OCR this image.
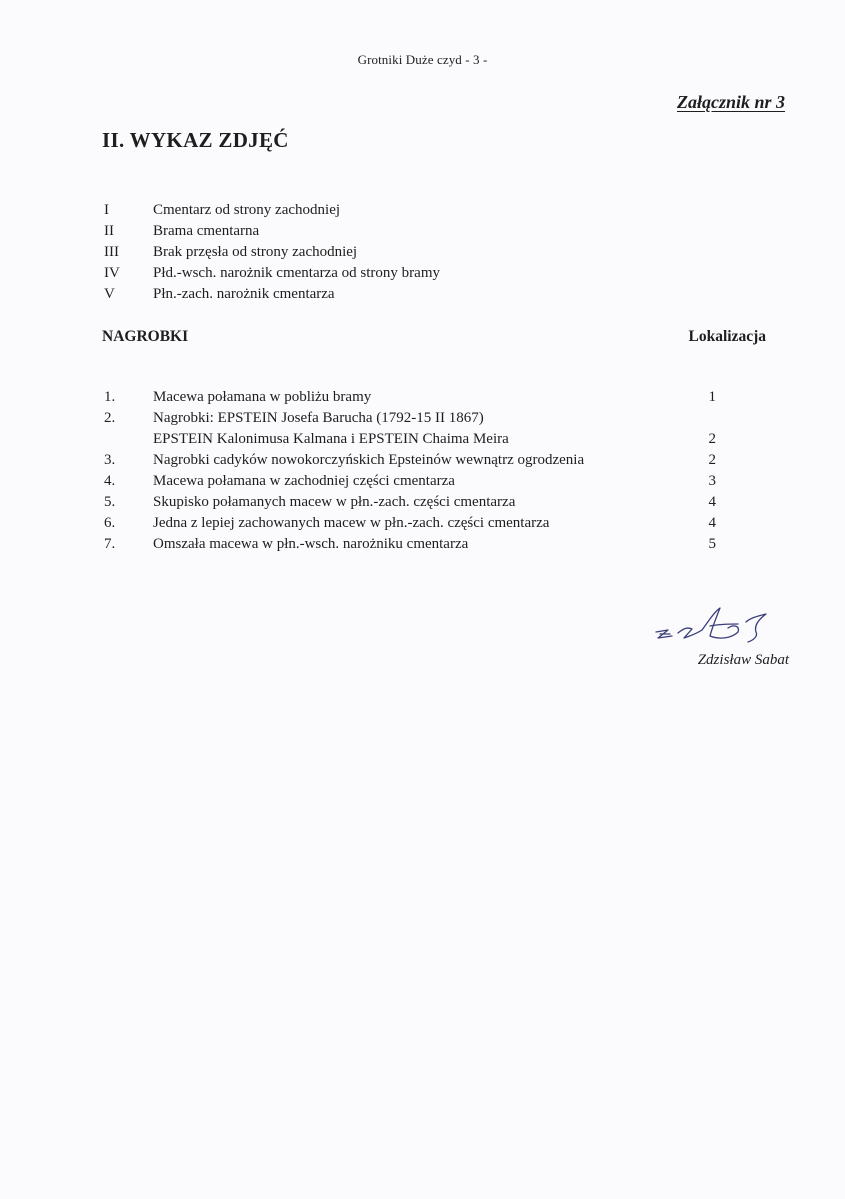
Grotniki Duże czyd - 3 -
Załącznik nr 3
II. WYKAZ ZDJĘĆ
I	Cmentarz od strony zachodniej
II	Brama cmentarna
III	Brak przęsła od strony zachodniej
IV	Płd.-wsch. narożnik cmentarza od strony bramy
V	Płn.-zach. narożnik cmentarza
NAGROBKI	Lokalizacja
1.	Macewa połamana w pobliżu bramy	1
2.	Nagrobki: EPSTEIN Josefa Barucha (1792-15 II 1867)
EPSTEIN Kalonimusa Kalmana i EPSTEIN Chaima Meira	2
3.	Nagrobki cadyków nowokorczyńskich Epsteinów wewnątrz ogrodzenia	2
4.	Macewa połamana w zachodniej części cmentarza	3
5.	Skupisko połamanych macew w płn.-zach. części cmentarza	4
6.	Jedna z lepiej zachowanych macew w płn.-zach. części cmentarza	4
7.	Omszała macewa w płn.-wsch. narożniku cmentarza	5
Zdzisław Sabat
